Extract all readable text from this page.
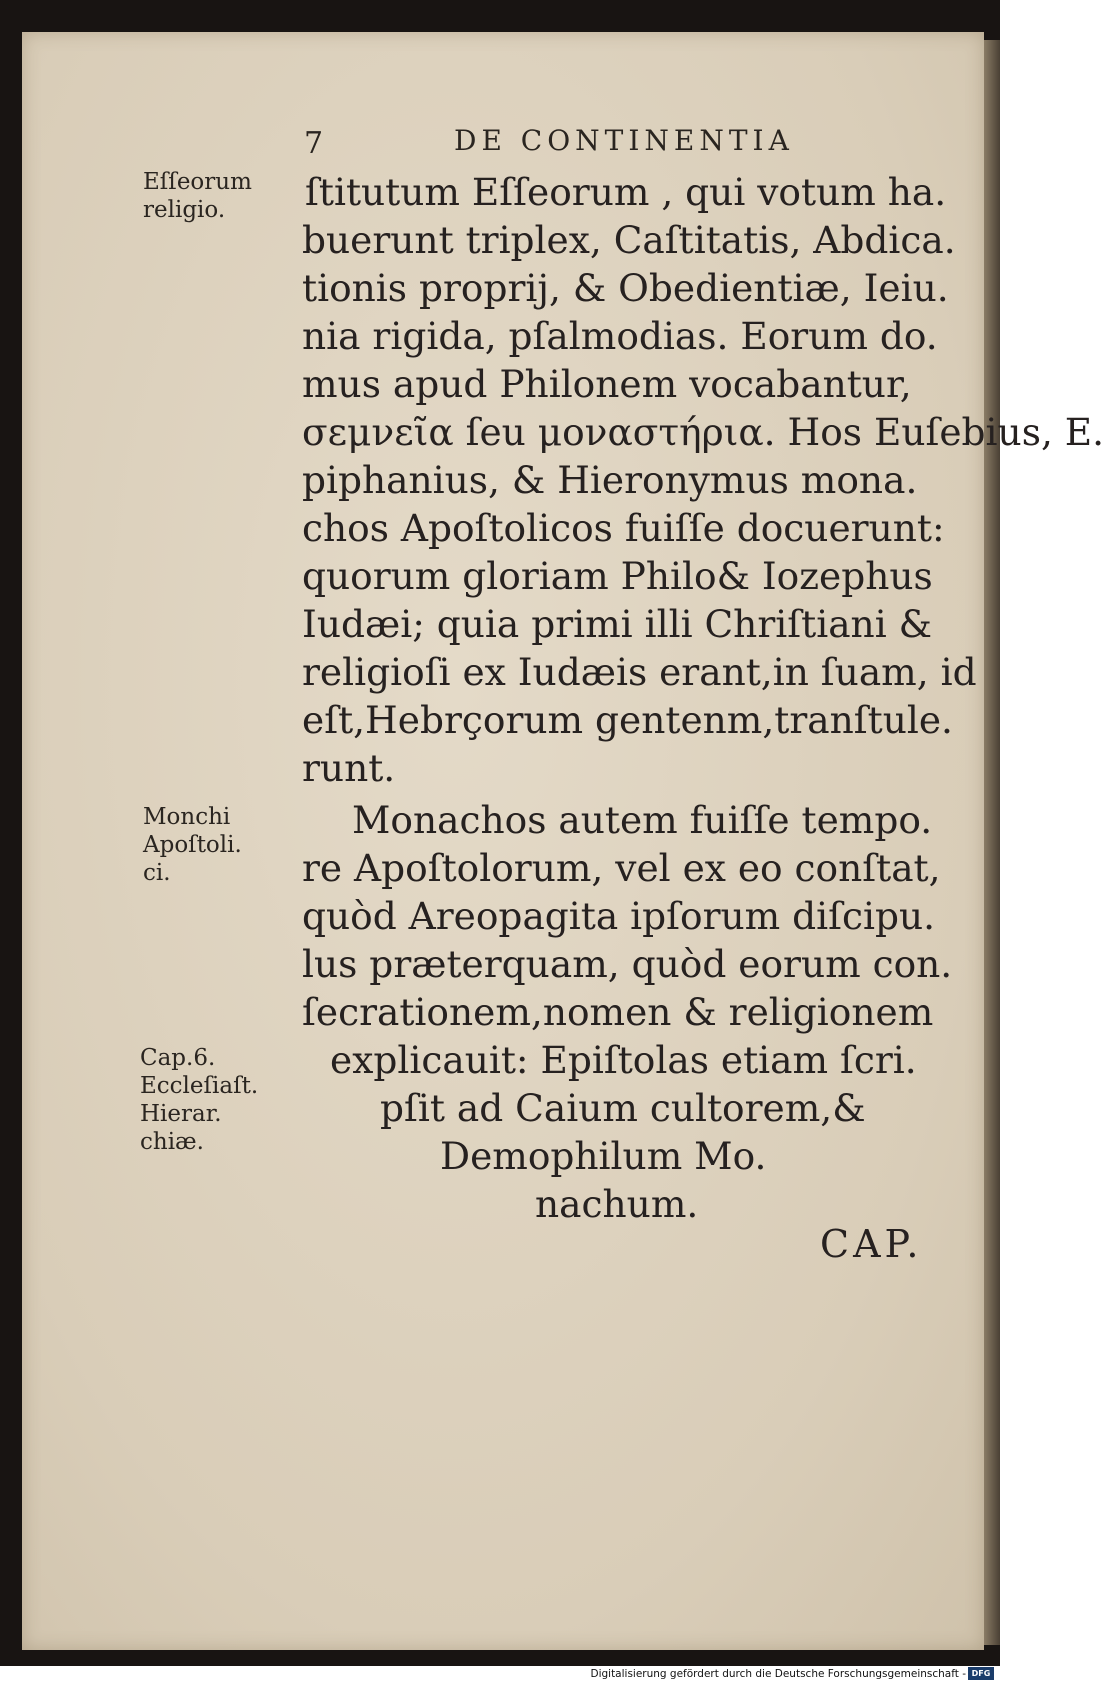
7	DE CONTINENTIA
Eſſeorum
religio.
Monchi
Apoſtoli.
ci.
Cap.6.
Eccleſiaſt.
Hierar.
chiæ.
ſtitutum Eſſeorum , qui votum ha.
buerunt triplex, Caſtitatis, Abdica.
tionis proprij, & Obedientiæ, Ieiu.
nia rigida, pſalmodias. Eorum do.
mus apud Philonem vocabantur,
σεμνεῖα ſeu μοναστήρια. Hos Euſebius, E.
piphanius, & Hieronymus mona.
chos Apoſtolicos fuiſſe docuerunt:
quorum gloriam Philo& Iozephus
Iudæi; quia primi illi Chriſtiani &
religioſi ex Iudæis erant,in ſuam, id
eſt,Hebrçorum gentenm,tranſtule.
runt.
Monachos autem fuiſſe tempo.
re Apoſtolorum, vel ex eo conſtat,
quòd Areopagita ipſorum diſcipu.
lus præterquam, quòd eorum con.
ſecrationem,nomen & religionem
explicauit: Epiſtolas etiam ſcri.
pſit ad Caium cultorem,&
Demophilum Mo.
nachum.
CAP.
Digitalisierung gefördert durch die Deutsche Forschungsgemeinschaft - DFG
